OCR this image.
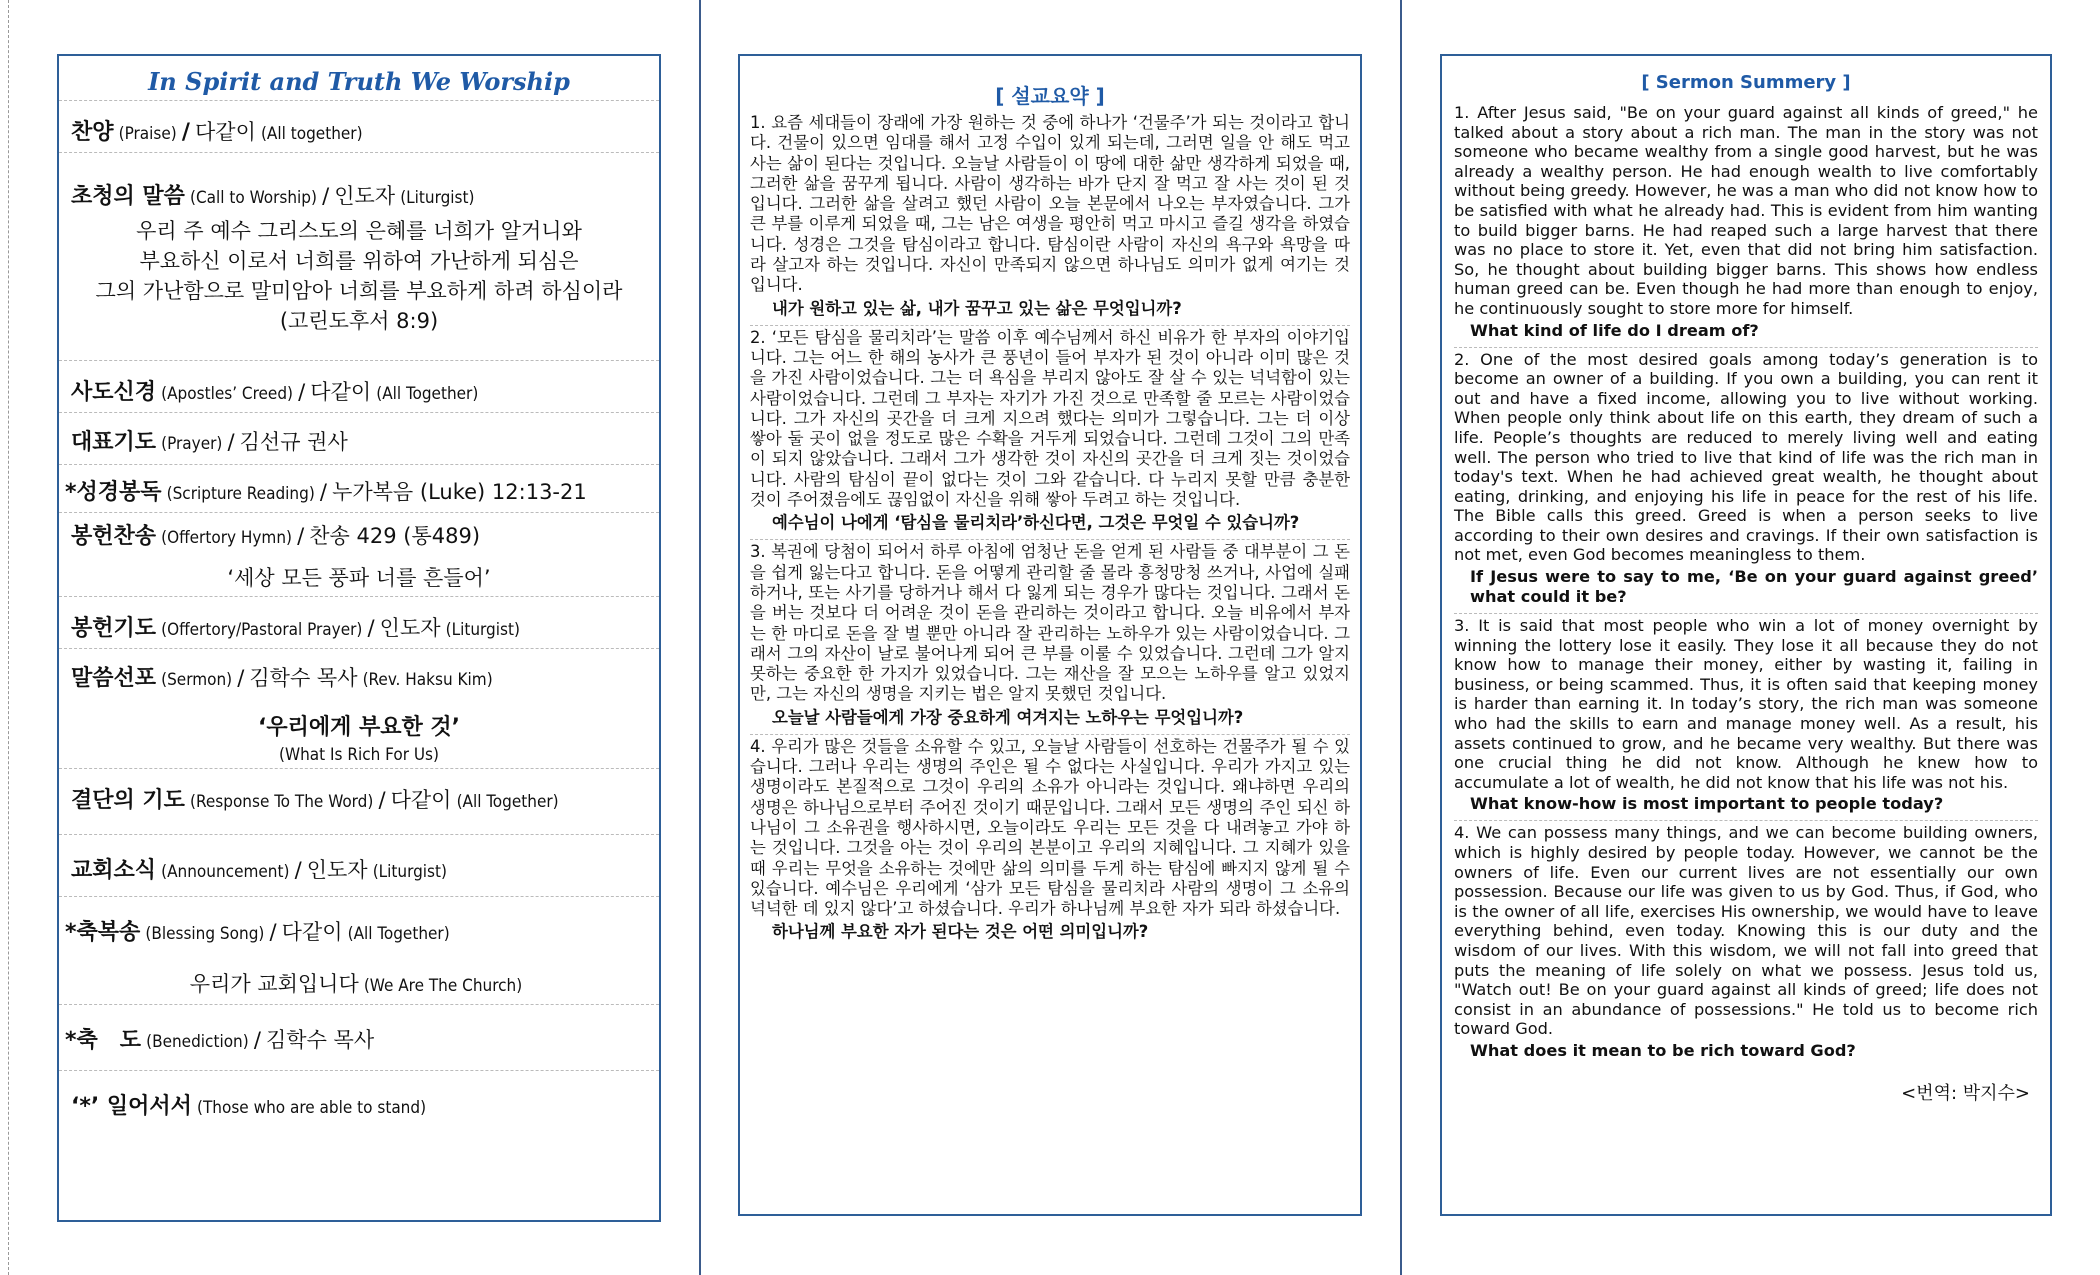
In Spirit and Truth We Worship
찬양 (Praise) / 다같이 (All together)
초청의 말씀 (Call to Worship) / 인도자 (Liturgist)
우리 주 예수 그리스도의 은혜를 너희가 알거니와
부요하신 이로서 너희를 위하여 가난하게 되심은
그의 가난함으로 말미암아 너희를 부요하게 하려 하심이라
(고린도후서 8:9)
사도신경 (Apostles’ Creed) / 다같이 (All Together)
대표기도 (Prayer) / 김선규 권사
*성경봉독 (Scripture Reading) / 누가복음 (Luke) 12:13-21
봉헌찬송 (Offertory Hymn) / 찬송 429 (통489)
‘세상 모든 풍파 너를 흔들어’
봉헌기도 (Offertory/Pastoral Prayer) / 인도자 (Liturgist)
말씀선포 (Sermon) / 김학수 목사 (Rev. Haksu Kim)
‘우리에게 부요한 것’
(What Is Rich For Us)
결단의 기도 (Response To The Word) / 다같이 (All Together)
교회소식 (Announcement) / 인도자 (Liturgist)
*축복송 (Blessing Song) / 다같이 (All Together)
우리가 교회입니다 (We Are The Church)
*축　도 (Benediction) / 김학수 목사
‘*’ 일어서서 (Those who are able to stand)
[ 설교요약 ]

1. 요즘 세대들이 장래에 가장 원하는 것 중에 하나가 ‘건물주’가 되는 것이라고 합니다. 건물이 있으면 임대를 해서 고정 수입이 있게 되는데, 그러면 일을 안 해도 먹고 사는 삶이 된다는 것입니다. 오늘날 사람들이 이 땅에 대한 삶만 생각하게 되었을 때, 그러한 삶을 꿈꾸게 됩니다. 사람이 생각하는 바가 단지 잘 먹고 잘 사는 것이 된 것입니다. 그러한 삶을 살려고 했던 사람이 오늘 본문에서 나오는 부자였습니다. 그가 큰 부를 이루게 되었을 때, 그는 남은 여생을 평안히 먹고 마시고 즐길 생각을 하였습니다. 성경은 그것을 탐심이라고 합니다. 탐심이란 사람이 자신의 욕구와 욕망을 따라 살고자 하는 것입니다. 자신이 만족되지 않으면 하나님도 의미가 없게 여기는 것입니다.

내가 원하고 있는 삶, 내가 꿈꾸고 있는 삶은 무엇입니까?

2. ‘모든 탐심을 물리치라’는 말씀 이후 예수님께서 하신 비유가 한 부자의 이야기입니다. 그는 어느 한 해의 농사가 큰 풍년이 들어 부자가 된 것이 아니라 이미 많은 것을 가진 사람이었습니다. 그는 더 욕심을 부리지 않아도 잘 살 수 있는 넉넉함이 있는 사람이었습니다. 그런데 그 부자는 자기가 가진 것으로 만족할 줄 모르는 사람이었습니다. 그가 자신의 곳간을 더 크게 지으려 했다는 의미가 그렇습니다. 그는 더 이상 쌓아 둘 곳이 없을 정도로 많은 수확을 거두게 되었습니다. 그런데 그것이 그의 만족이 되지 않았습니다. 그래서 그가 생각한 것이 자신의 곳간을 더 크게 짓는 것이었습니다. 사람의 탐심이 끝이 없다는 것이 그와 같습니다. 다 누리지 못할 만큼 충분한 것이 주어졌음에도 끊임없이 자신을 위해 쌓아 두려고 하는 것입니다.

예수님이 나에게 ‘탐심을 물리치라’하신다면, 그것은 무엇일 수 있습니까?

3. 복권에 당첨이 되어서 하루 아침에 엄청난 돈을 얻게 된 사람들 중 대부분이 그 돈을 쉽게 잃는다고 합니다. 돈을 어떻게 관리할 줄 몰라 흥청망청 쓰거나, 사업에 실패하거나, 또는 사기를 당하거나 해서 다 잃게 되는 경우가 많다는 것입니다. 그래서 돈을 버는 것보다 더 어려운 것이 돈을 관리하는 것이라고 합니다. 오늘 비유에서 부자는 한 마디로 돈을 잘 벌 뿐만 아니라 잘 관리하는 노하우가 있는 사람이었습니다. 그래서 그의 자산이 날로 불어나게 되어 큰 부를 이룰 수 있었습니다. 그런데 그가 알지 못하는 중요한 한 가지가 있었습니다. 그는 재산을 잘 모으는 노하우를 알고 있었지만, 그는 자신의 생명을 지키는 법은 알지 못했던 것입니다.

오늘날 사람들에게 가장 중요하게 여겨지는 노하우는 무엇입니까?

4. 우리가 많은 것들을 소유할 수 있고, 오늘날 사람들이 선호하는 건물주가 될 수 있습니다. 그러나 우리는 생명의 주인은 될 수 없다는 사실입니다. 우리가 가지고 있는 생명이라도 본질적으로 그것이 우리의 소유가 아니라는 것입니다. 왜냐하면 우리의 생명은 하나님으로부터 주어진 것이기 때문입니다. 그래서 모든 생명의 주인 되신 하나님이 그 소유권을 행사하시면, 오늘이라도 우리는 모든 것을 다 내려놓고 가야 하는 것입니다. 그것을 아는 것이 우리의 본분이고 우리의 지혜입니다. 그 지혜가 있을 때 우리는 무엇을 소유하는 것에만 삶의 의미를 두게 하는 탐심에 빠지지 않게 될 수 있습니다. 예수님은 우리에게 ‘삼가 모든 탐심을 물리치라 사람의 생명이 그 소유의 넉넉한 데 있지 않다’고 하셨습니다. 우리가 하나님께 부요한 자가 되라 하셨습니다.

하나님께 부요한 자가 된다는 것은 어떤 의미입니까?

[ Sermon Summery ]

1. After Jesus said, "Be on your guard against all kinds of greed," he talked about a story about a rich man. The man in the story was not someone who became wealthy from a single good harvest, but he was already a wealthy person. He had enough wealth to live comfortably without being greedy. However, he was a man who did not know how to be satisfied with what he already had. This is evident from him wanting to build bigger barns. He had reaped such a large harvest that there was no place to store it. Yet, even that did not bring him satisfaction. So, he thought about building bigger barns. This shows how endless human greed can be. Even though he had more than enough to enjoy, he continuously sought to store more for himself.

What kind of life do I dream of?

2. One of the most desired goals among today’s generation is to become an owner of a building. If you own a building, you can rent it out and have a fixed income, allowing you to live without working. When people only think about life on this earth, they dream of such a life. People’s thoughts are reduced to merely living well and eating well. The person who tried to live that kind of life was the rich man in today's text. When he had achieved great wealth, he thought about eating, drinking, and enjoying his life in peace for the rest of his life. The Bible calls this greed. Greed is when a person seeks to live according to their own desires and cravings. If their own satisfaction is not met, even God becomes meaningless to them.

If Jesus were to say to me, ‘Be on your guard against greed’ what could it be?

3. It is said that most people who win a lot of money overnight by winning the lottery lose it easily. They lose it all because they do not know how to manage their money, either by wasting it, failing in business, or being scammed. Thus, it is often said that keeping money is harder than earning it. In today’s story, the rich man was someone who had the skills to earn and manage money well. As a result, his assets continued to grow, and he became very wealthy. But there was one crucial thing he did not know. Although he knew how to accumulate a lot of wealth, he did not know that his life was not his.

What know-how is most important to people today?

4. We can possess many things, and we can become building owners, which is highly desired by people today. However, we cannot be the owners of life. Even our current lives are not essentially our own possession. Because our life was given to us by God. Thus, if God, who is the owner of all life, exercises His ownership, we would have to leave everything behind, even today. Knowing this is our duty and the wisdom of our lives. With this wisdom, we will not fall into greed that puts the meaning of life solely on what we possess. Jesus told us, "Watch out! Be on your guard against all kinds of greed; life does not consist in an abundance of possessions." He told us to become rich toward God.

What does it mean to be rich toward God?

<번역: 박지수>
